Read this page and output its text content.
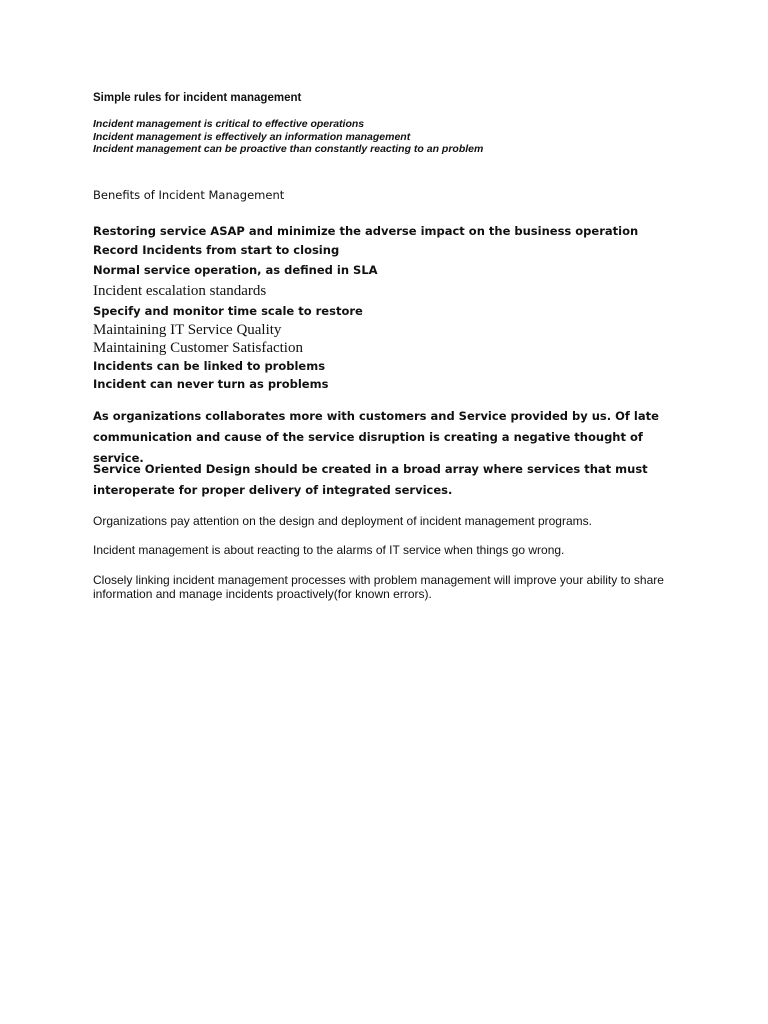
Simple rules for incident management
Incident management is critical to effective operations
Incident management is effectively an information management
Incident management can be proactive than constantly reacting to an problem
Benefits of Incident Management
Restoring service ASAP and minimize the adverse impact on the business operation
Record Incidents from start to closing
Normal service operation, as defined in SLA
Incident escalation standards
Specify and monitor time scale to restore
Maintaining IT Service Quality
Maintaining Customer Satisfaction
Incidents can be linked to problems
Incident can never turn as problems

As organizations collaborates more with customers and Service provided by us. Of late communication and cause of the service disruption is creating a negative thought of service.

Service Oriented Design should be created in a broad array where services that must interoperate for proper delivery of integrated services.

Organizations pay attention on the design and deployment of incident management programs.

Incident management is about reacting to the alarms of IT service when things go wrong.

Closely linking incident management processes with problem management will improve your ability to share information and manage incidents proactively(for known errors).
